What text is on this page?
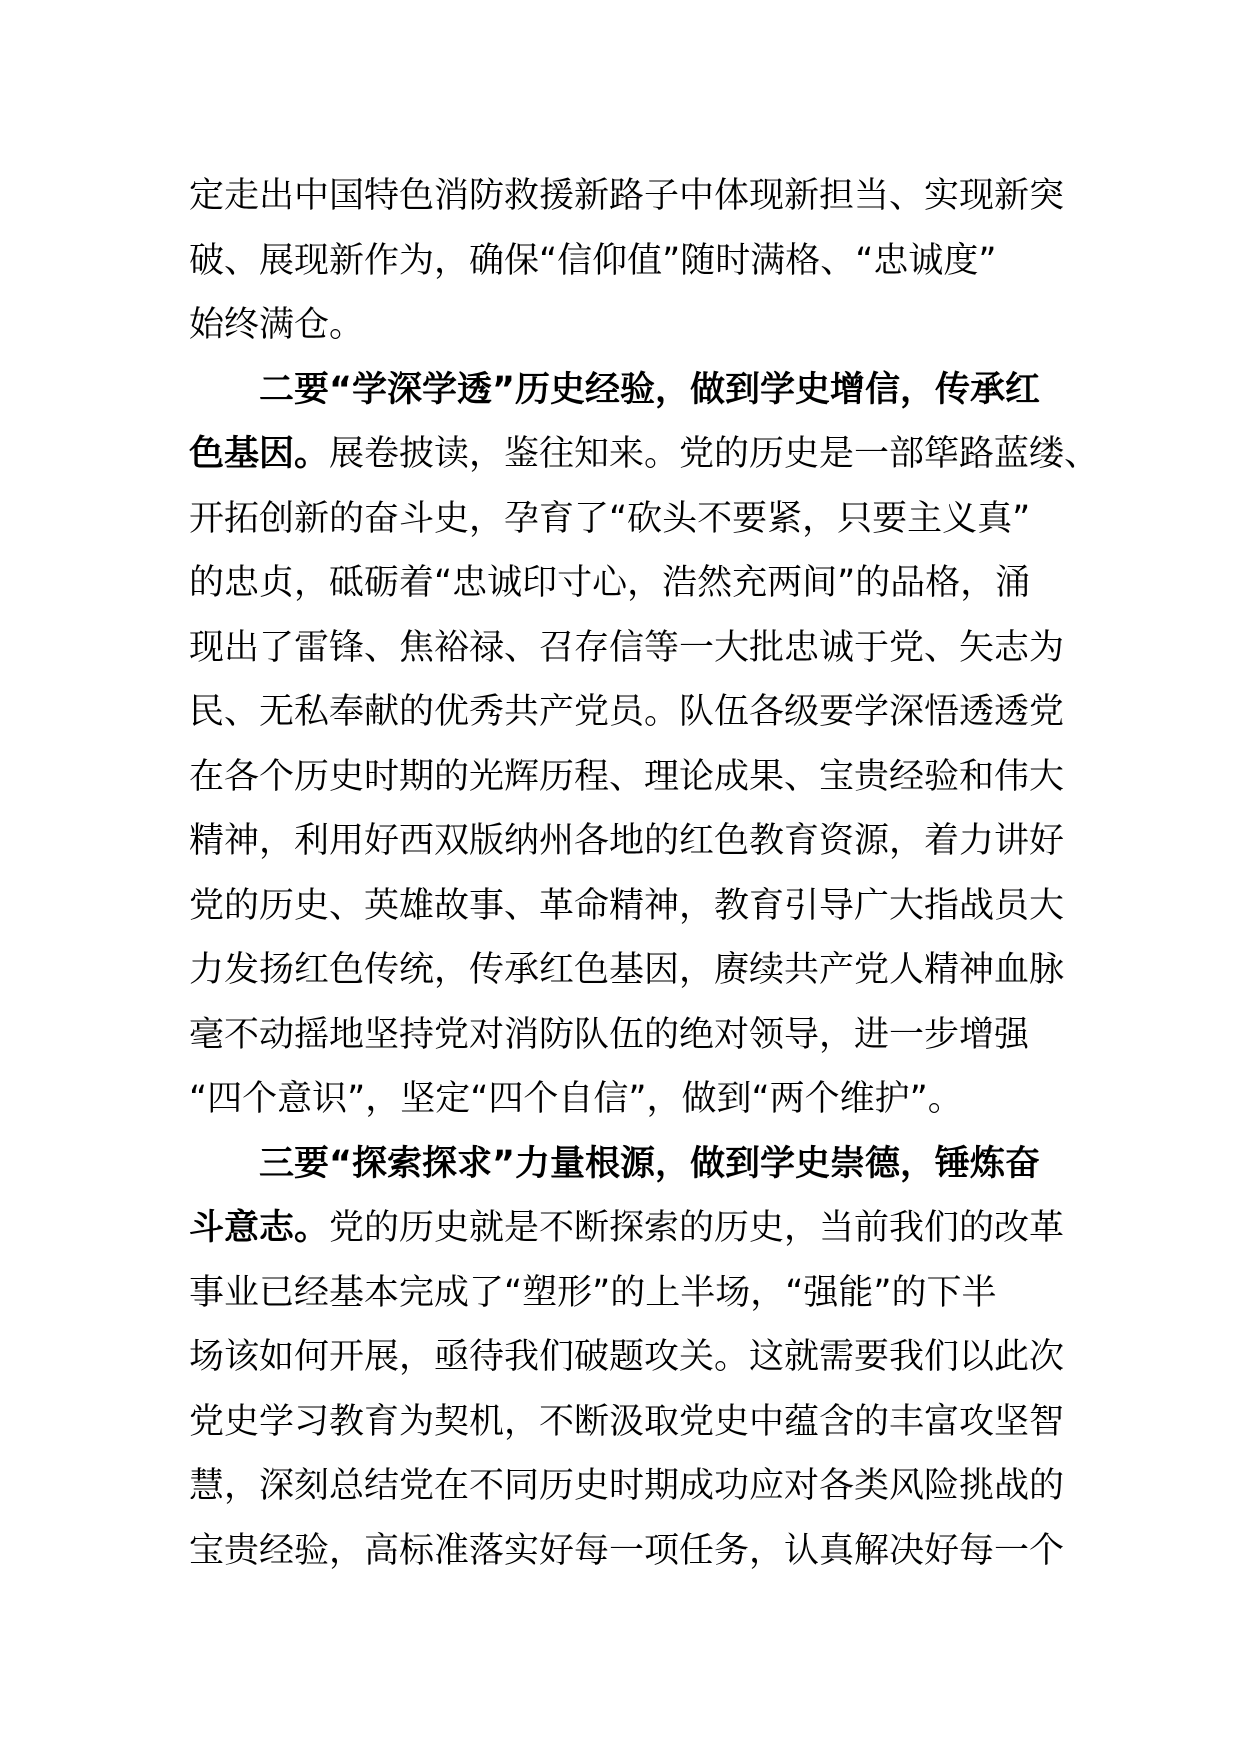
定走出中国特色消防救援新路子中体现新担当、实现新突
破、展现新作为，确保“信仰值”随时满格、“忠诚度”
始终满仓。
二要“学深学透”历史经验，做到学史增信，传承红
色基因。展卷披读，鉴往知来。党的历史是一部筚路蓝缕、
开拓创新的奋斗史，孕育了“砍头不要紧，只要主义真”
的忠贞，砥砺着“忠诚印寸心，浩然充两间”的品格，涌
现出了雷锋、焦裕禄、召存信等一大批忠诚于党、矢志为
民、无私奉献的优秀共产党员。队伍各级要学深悟透透党
在各个历史时期的光辉历程、理论成果、宝贵经验和伟大
精神，利用好西双版纳州各地的红色教育资源，着力讲好
党的历史、英雄故事、革命精神，教育引导广大指战员大
力发扬红色传统，传承红色基因，赓续共产党人精神血脉
毫不动摇地坚持党对消防队伍的绝对领导，进一步增强
“四个意识”，坚定“四个自信”，做到“两个维护”。
三要“探索探求”力量根源，做到学史崇德，锤炼奋
斗意志。党的历史就是不断探索的历史，当前我们的改革
事业已经基本完成了“塑形”的上半场，“强能”的下半
场该如何开展，亟待我们破题攻关。这就需要我们以此次
党史学习教育为契机，不断汲取党史中蕴含的丰富攻坚智
慧，深刻总结党在不同历史时期成功应对各类风险挑战的
宝贵经验，高标准落实好每一项任务，认真解决好每一个
